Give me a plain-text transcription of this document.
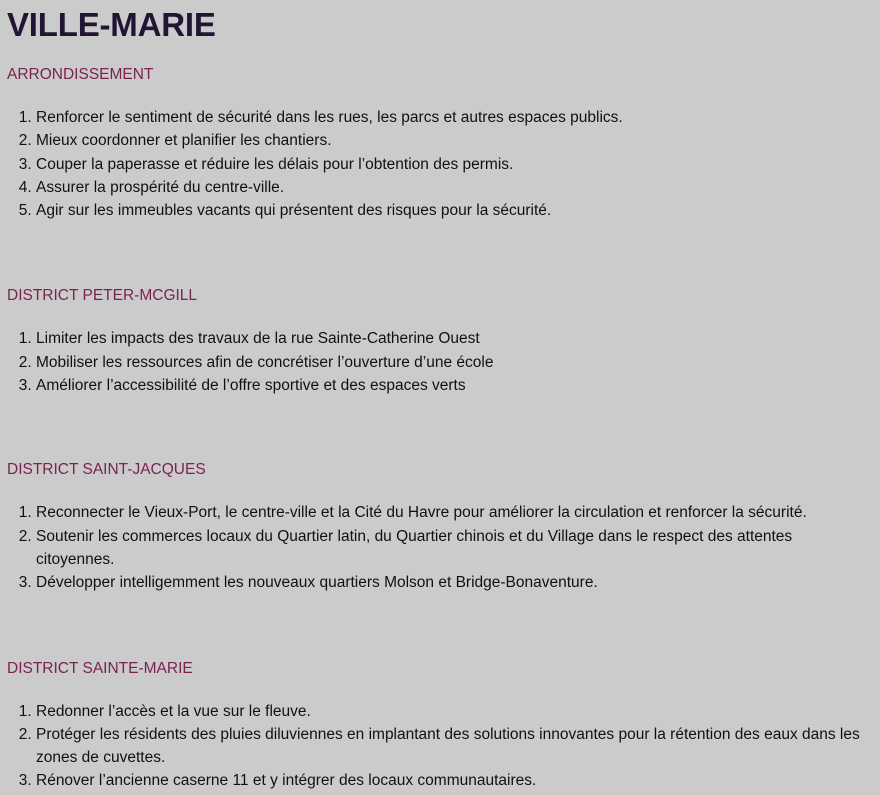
VILLE-MARIE
ARRONDISSEMENT
1. Renforcer le sentiment de sécurité dans les rues, les parcs et autres espaces publics.
2. Mieux coordonner et planifier les chantiers.
3. Couper la paperasse et réduire les délais pour l’obtention des permis.
4. Assurer la prospérité du centre-ville.
5. Agir sur les immeubles vacants qui présentent des risques pour la sécurité.
DISTRICT PETER-MCGILL
1. Limiter les impacts des travaux de la rue Sainte-Catherine Ouest
2. Mobiliser les ressources afin de concrétiser l’ouverture d’une école
3. Améliorer l’accessibilité de l’offre sportive et des espaces verts
DISTRICT SAINT-JACQUES
1. Reconnecter le Vieux-Port, le centre-ville et la Cité du Havre pour améliorer la circulation et renforcer la sécurité.
2. Soutenir les commerces locaux du Quartier latin, du Quartier chinois et du Village dans le respect des attentes citoyennes.
3. Développer intelligemment les nouveaux quartiers Molson et Bridge-Bonaventure.
DISTRICT SAINTE-MARIE
1. Redonner l’accès et la vue sur le fleuve.
2. Protéger les résidents des pluies diluviennes en implantant des solutions innovantes pour la rétention des eaux dans les zones de cuvettes.
3. Rénover l’ancienne caserne 11 et y intégrer des locaux communautaires.
